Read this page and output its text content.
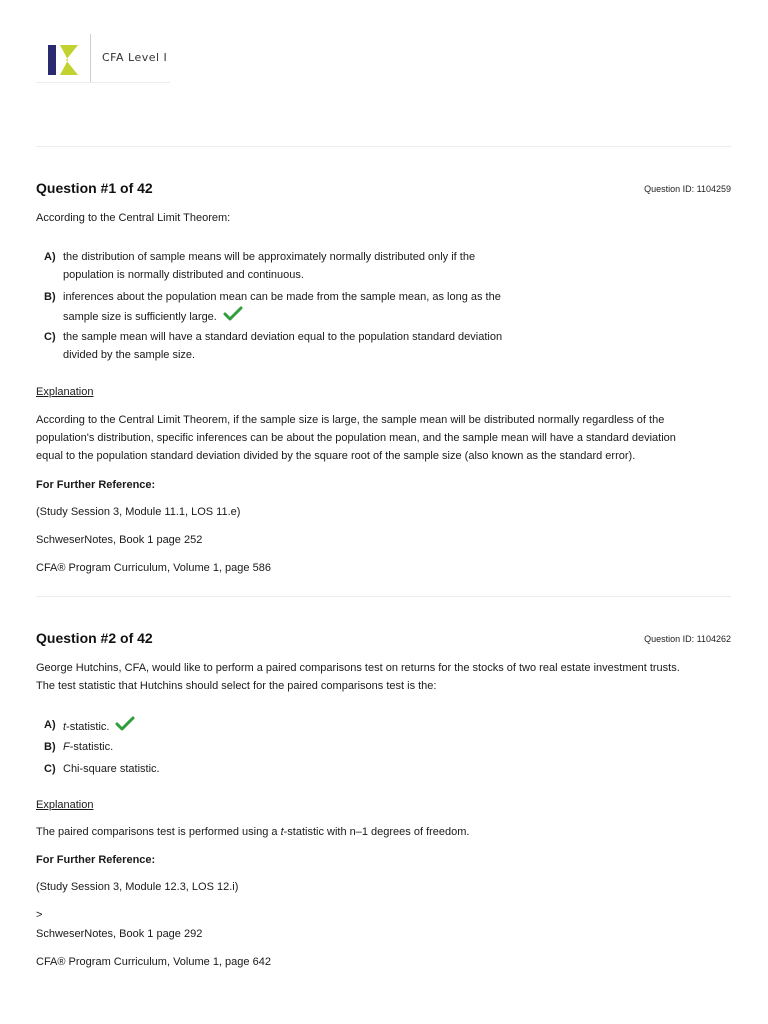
CFA Level I
Question #1 of 42	Question ID: 1104259
According to the Central Limit Theorem:
A) the distribution of sample means will be approximately normally distributed only if the
population is normally distributed and continuous.
B) inferences about the population mean can be made from the sample mean, as long as the
sample size is sufficiently large.
C) the sample mean will have a standard deviation equal to the population standard deviation
divided by the sample size.
Explanation
According to the Central Limit Theorem, if the sample size is large, the sample mean will be distributed normally regardless of the
population's distribution, specific inferences can be about the population mean, and the sample mean will have a standard deviation
equal to the population standard deviation divided by the square root of the sample size (also known as the standard error).
For Further Reference:
(Study Session 3, Module 11.1, LOS 11.e)
SchweserNotes, Book 1 page 252
CFA® Program Curriculum, Volume 1, page 586
Question #2 of 42	Question ID: 1104262
George Hutchins, CFA, would like to perform a paired comparisons test on returns for the stocks of two real estate investment trusts.
The test statistic that Hutchins should select for the paired comparisons test is the:
A) t-statistic.
B) F-statistic.
C) Chi-square statistic.
Explanation
The paired comparisons test is performed using a t-statistic with n–1 degrees of freedom.
For Further Reference:
(Study Session 3, Module 12.3, LOS 12.i)
>
SchweserNotes, Book 1 page 292
CFA® Program Curriculum, Volume 1, page 642
